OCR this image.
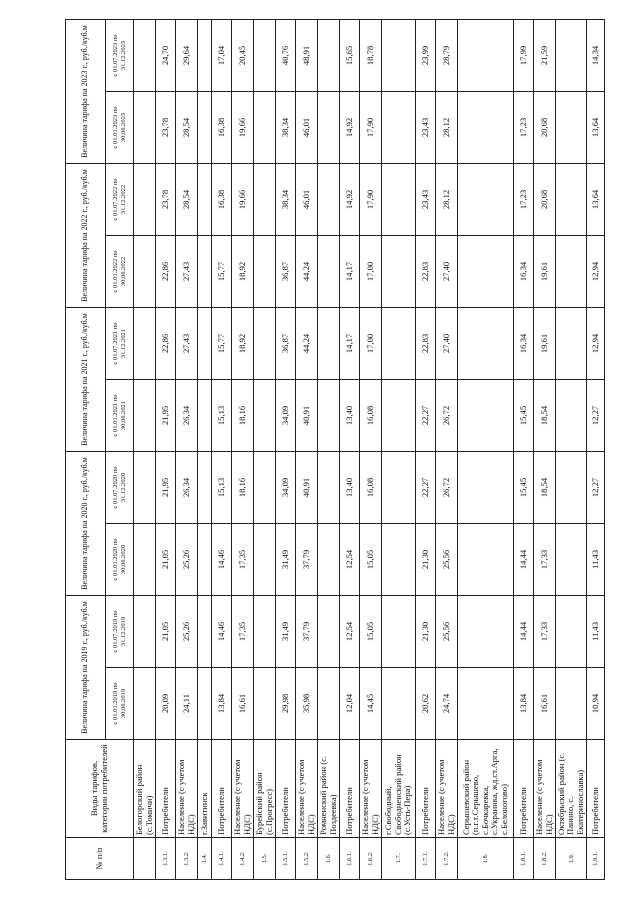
№ п/п	Виды тарифов, категории потребителей	Величина тарифа на 2019 г., руб./куб.м		Величина тарифа на 2020 г., руб./куб.м		Величина тарифа на 2021 г., руб./куб.м		Величина тарифа на 2022 г., руб./куб.м		Величина тарифа на 2023 г., руб./куб.м	
		с 01.01.2019 по 30.06.2019	с 01.07.2019 по 31.12.2019	с 01.01.2020 по 30.06.2020	с 01.07.2020 по 31.12.2020	с 01.01.2021 по 30.06.2021	с 01.07.2021 по 31.12.2021	с 01.01.2022 по 30.06.2022	с 01.07.2022 по 31.12.2022	с 01.01.2023 по 30.06.2023	с 01.07.2023 по 31.12.2023
	Белогорский район (с.Томичи)										
1.3.1.	Потребители	20,09	21,05	21,05	21,95	21,95	22,86	22,86	23,78	23,78	24,70
1.3.2.	Население (с учетом НДС)	24,11	25,26	25,26	26,34	26,34	27,43	27,43	28,54	28,54	29,64
1.4.	г.Завитинск										
1.4.1.	Потребители	13,84	14,46	14,46	15,13	15,13	15,77	15,77	16,38	16,38	17,04
1.4.2.	Население (с учетом НДС)	16,61	17,35	17,35	18,16	18,16	18,92	18,92	19,66	19,66	20,45
1.5.	Бурейский район (с.Прогресс)										
1.5.1.	Потребители	29,98	31,49	31,49	34,09	34,09	36,87	36,87	38,34	38,34	40,76
1.5.2.	Население (с учетом НДС)	35,98	37,79	37,79	40,91	40,91	44,24	44,24	46,01	46,01	48,91
1.6.	Ромненский район (с. Поздеевка)										
1.6.1.	Потребители	12,04	12,54	12,54	13,40	13,40	14,17	14,17	14,92	14,92	15,65
1.6.2.	Население (с учетом НДС)	14,45	15,05	15,05	16,08	16,08	17,00	17,00	17,90	17,90	18,78
1.7.	г.Свободный, Свободненский район (с.Усть-Пера)										
1.7.1.	Потребители	20,62	21,30	21,30	22,27	22,27	22,83	22,83	23,43	23,43	23,99
1.7.2.	Население (с учетом НДС)	24,74	25,56	25,56	26,72	26,72	27,40	27,40	28,12	28,12	28,79
1.8.	Серышевский район (п.г.т.Серышево, с.Бочкаревка, с.Украинка, жд.ст.Арга, с.Белоногово)										
1.8.1.	Потребители	13,84	14,44	14,44	15,45	15,45	16,34	16,34	17,23	17,23	17,99
1.8.2.	Население (с учетом НДС)	16,61	17,33	17,33	18,54	18,54	19,61	19,61	20,68	20,68	21,59
1.9.	Октябрьский район (с. Панино, с. Екатеринославка)										
1.9.1.	Потребители	10,94	11,43	11,43	12,27	12,27	12,94	12,94	13,64	13,64	14,34
